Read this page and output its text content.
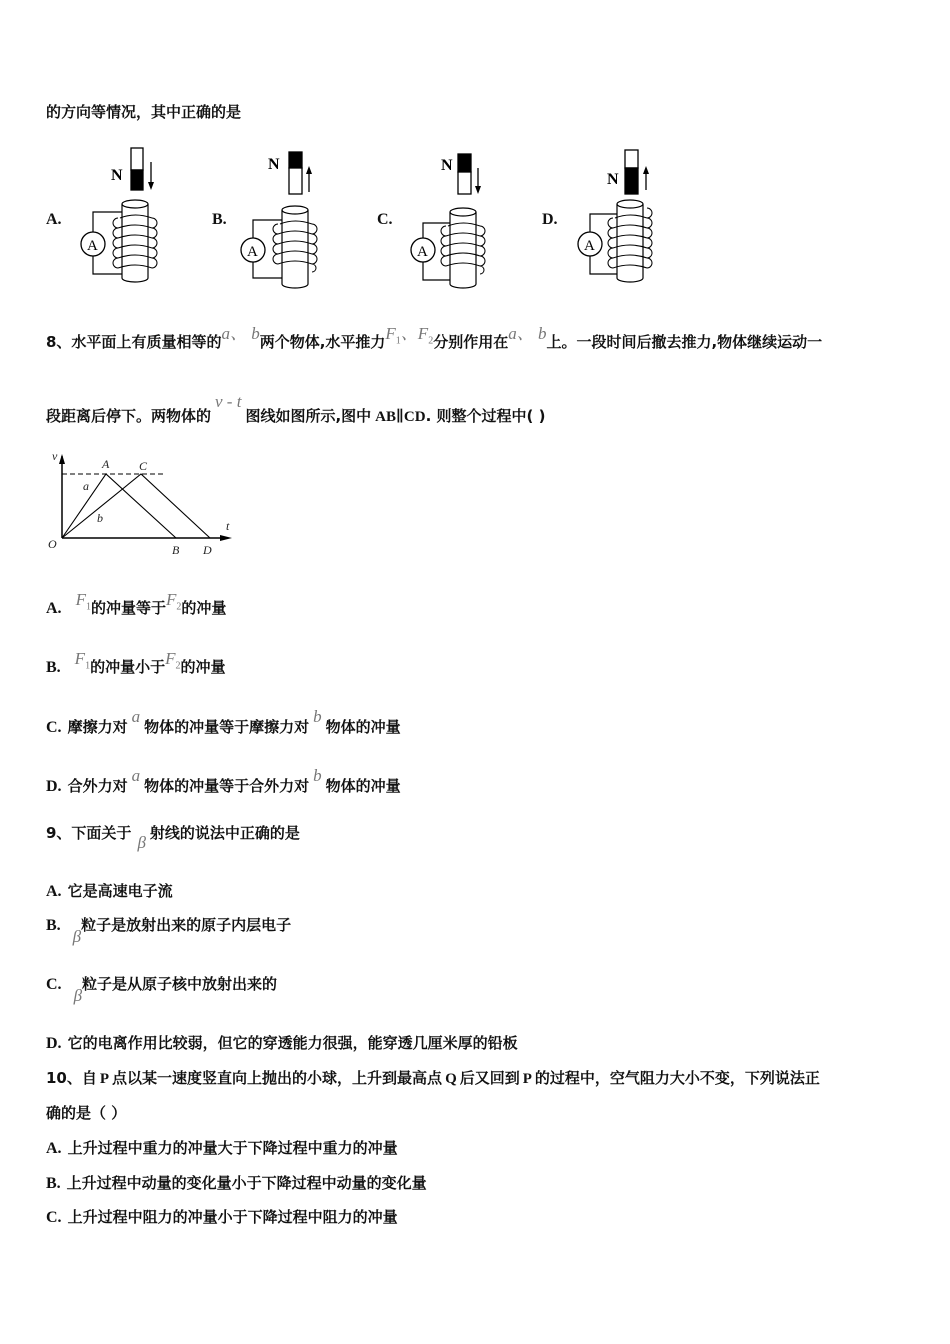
的方向等情况，其中正确的是
A.	B.	C.	D.
N
A
N
A
N
A
N
A
8、水平面上有质量相等的a、 b两个物体,水平推力$F_1$、$F_2$分别作用在a、 b上。一段时间后撤去推力,物体继续运动一
段距离后停下。两物体的v - t图线如图所示,图中 AB∥CD. 则整个过程中( )
v
t
O
A C
B D
a
b
A. $F_1$的冲量等于$F_2$的冲量
B. $F_1$的冲量小于$F_2$的冲量
C. 摩擦力对a物体的冲量等于摩擦力对b物体的冲量
D. 合外力对a物体的冲量等于合外力对b物体的冲量
9、下面关于 β 射线的说法中正确的是
A. 它是高速电子流
B.β粒子是放射出来的原子内层电子
C.β粒子是从原子核中放射出来的
D. 它的电离作用比较弱，但它的穿透能力很强，能穿透几厘米厚的铅板
10、自 P 点以某一速度竖直向上抛出的小球，上升到最高点 Q 后又回到 P 的过程中，空气阻力大小不变，下列说法正
确的是（ ）
A. 上升过程中重力的冲量大于下降过程中重力的冲量
B. 上升过程中动量的变化量小于下降过程中动量的变化量
C. 上升过程中阻力的冲量小于下降过程中阻力的冲量
